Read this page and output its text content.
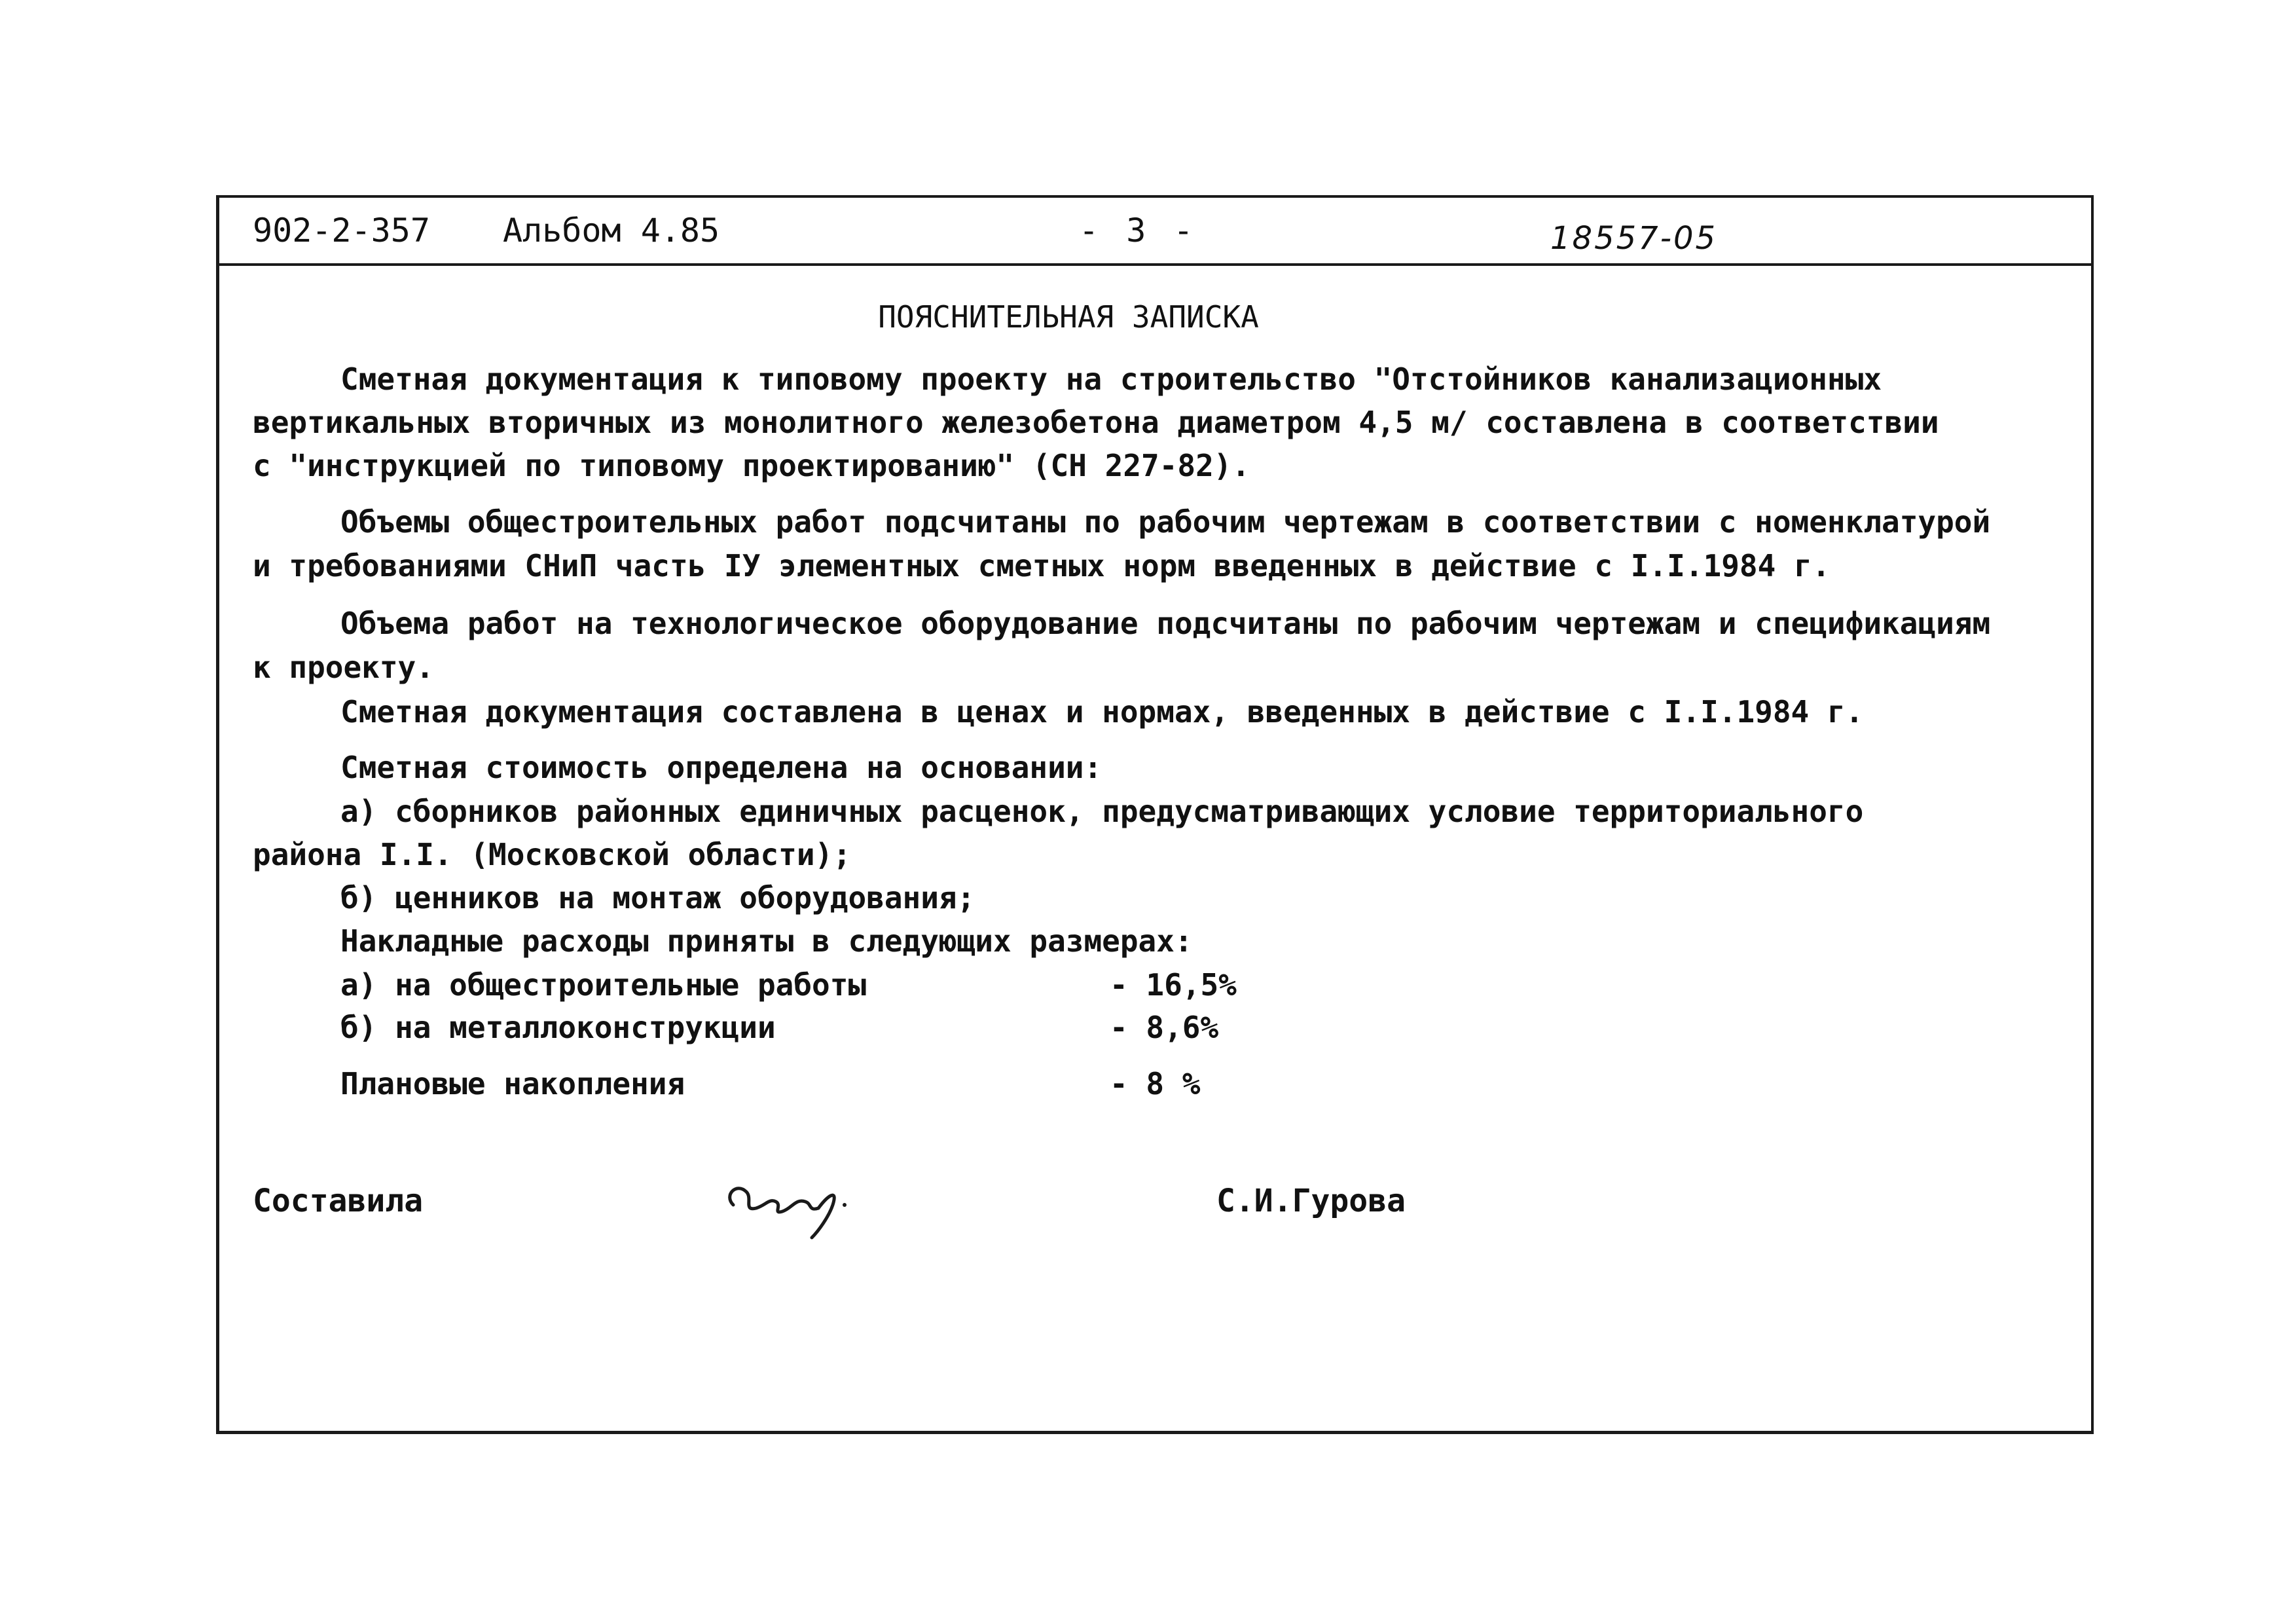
902-2-357 Альбом 4.85	- 3 -	18557-05
ПОЯСНИТЕЛЬНАЯ ЗАПИСКА
Сметная документация к типовому проекту на строительство "Отстойников канализационных
вертикальных вторичных из монолитного железобетона диаметром 4,5 м/ составлена в соответствии
с "инструкцией по типовому проектированию" (СН 227-82).
Объемы общестроительных работ подсчитаны по рабочим чертежам в соответствии с номенклатурой
и требованиями СНиП часть IУ элементных сметных норм введенных в действие с I.I.1984 г.
Объема работ на технологическое оборудование подсчитаны по рабочим чертежам и спецификациям
к проекту.
Сметная документация составлена в ценах и нормах, введенных в действие с I.I.1984 г.
Сметная стоимость определена на основании:
а) сборников районных единичных расценок, предусматривающих условие территориального
района I.I. (Московской области);
б) ценников на монтаж оборудования;
Накладные расходы приняты в следующих размерах:
а) на общестроительные работы	- 16,5%
б) на металлоконструкции	- 8,6%
Плановые накопления	- 8 %
Составила	С.И.Гурова
